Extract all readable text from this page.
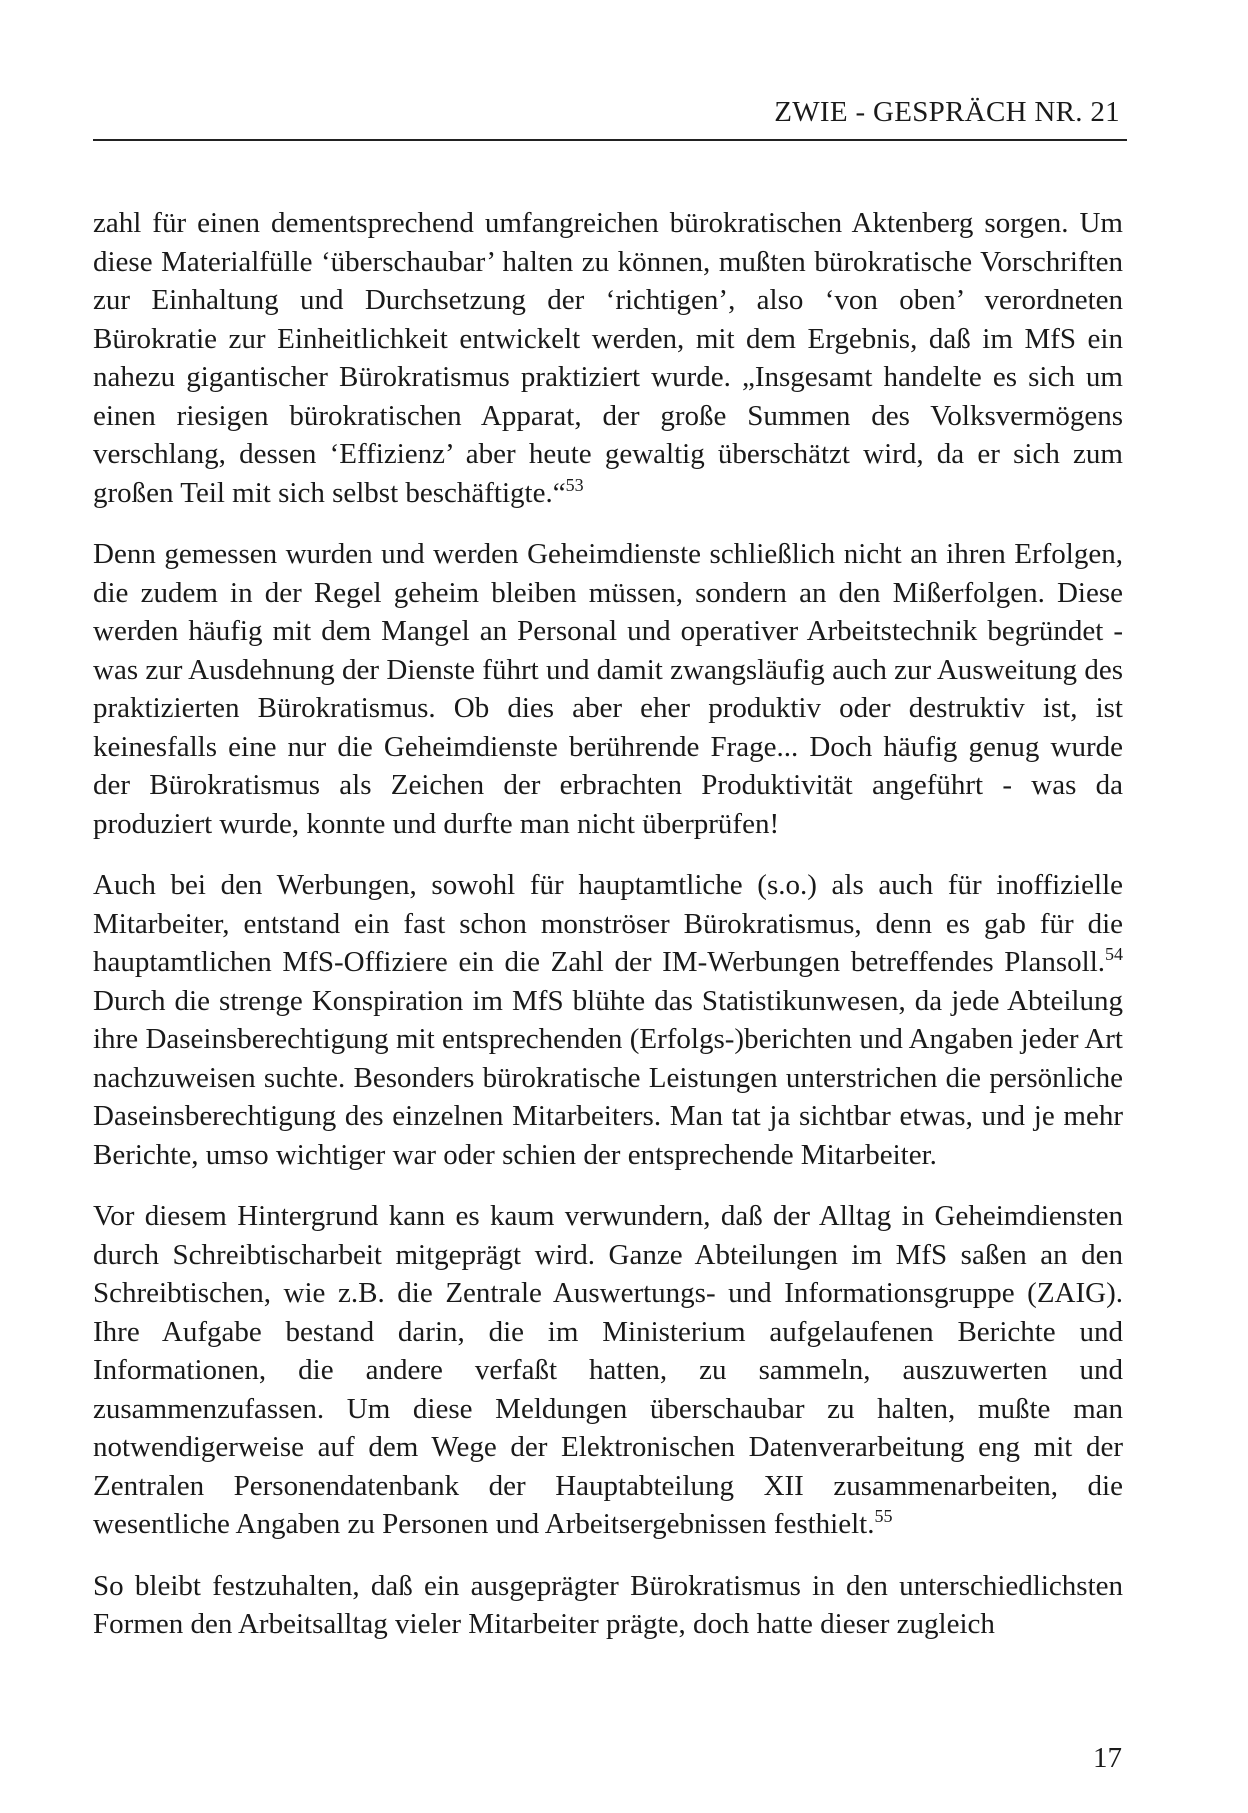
ZWIE - GESPRÄCH NR. 21

zahl für einen dementsprechend umfangreichen bürokratischen Aktenberg sorgen. Um diese Materialfülle ‘überschaubar’ halten zu können, mußten bürokratische Vorschriften zur Einhaltung und Durchsetzung der ‘richtigen’, also ‘von oben’ verordneten Bürokratie zur Einheitlichkeit entwickelt werden, mit dem Ergebnis, daß im MfS ein nahezu gigantischer Bürokratismus praktiziert wurde. „Insgesamt handelte es sich um einen riesigen bürokratischen Apparat, der große Summen des Volksvermögens verschlang, dessen ‘Effizienz’ aber heute gewaltig überschätzt wird, da er sich zum großen Teil mit sich selbst beschäftigte.“$^{53}$

Denn gemessen wurden und werden Geheimdienste schließlich nicht an ihren Erfolgen, die zudem in der Regel geheim bleiben müssen, sondern an den Mißerfolgen. Diese werden häufig mit dem Mangel an Personal und operativer Arbeitstechnik begründet - was zur Ausdehnung der Dienste führt und damit zwangsläufig auch zur Ausweitung des praktizierten Bürokratismus. Ob dies aber eher produktiv oder destruktiv ist, ist keinesfalls eine nur die Geheimdienste berührende Frage... Doch häufig genug wurde der Bürokratismus als Zeichen der erbrachten Produktivität angeführt - was da produziert wurde, konnte und durfte man nicht überprüfen!

Auch bei den Werbungen, sowohl für hauptamtliche (s.o.) als auch für inoffizielle Mitarbeiter, entstand ein fast schon monströser Bürokratismus, denn es gab für die hauptamtlichen MfS-Offiziere ein die Zahl der IM-Werbungen betreffendes Plansoll.$^{54}$ Durch die strenge Konspiration im MfS blühte das Statistikunwesen, da jede Abteilung ihre Daseinsberechtigung mit entsprechenden (Erfolgs-)berichten und Angaben jeder Art nachzuweisen suchte. Besonders bürokratische Leistungen unterstrichen die persönliche Daseinsberechtigung des einzelnen Mitarbeiters. Man tat ja sichtbar etwas, und je mehr Berichte, umso wichtiger war oder schien der entsprechende Mitarbeiter.

Vor diesem Hintergrund kann es kaum verwundern, daß der Alltag in Geheimdiensten durch Schreibtischarbeit mitgeprägt wird. Ganze Abteilungen im MfS saßen an den Schreibtischen, wie z.B. die Zentrale Auswertungs- und Informationsgruppe (ZAIG). Ihre Aufgabe bestand darin, die im Ministerium aufgelaufenen Berichte und Informationen, die andere verfaßt hatten, zu sammeln, auszuwerten und zusammenzufassen. Um diese Meldungen überschaubar zu halten, mußte man notwendigerweise auf dem Wege der Elektronischen Datenverarbeitung eng mit der Zentralen Personendatenbank der Hauptabteilung XII zusammenarbeiten, die wesentliche Angaben zu Personen und Arbeitsergebnissen festhielt.$^{55}$

So bleibt festzuhalten, daß ein ausgeprägter Bürokratismus in den unterschiedlichsten Formen den Arbeitsalltag vieler Mitarbeiter prägte, doch hatte dieser zugleich

17
